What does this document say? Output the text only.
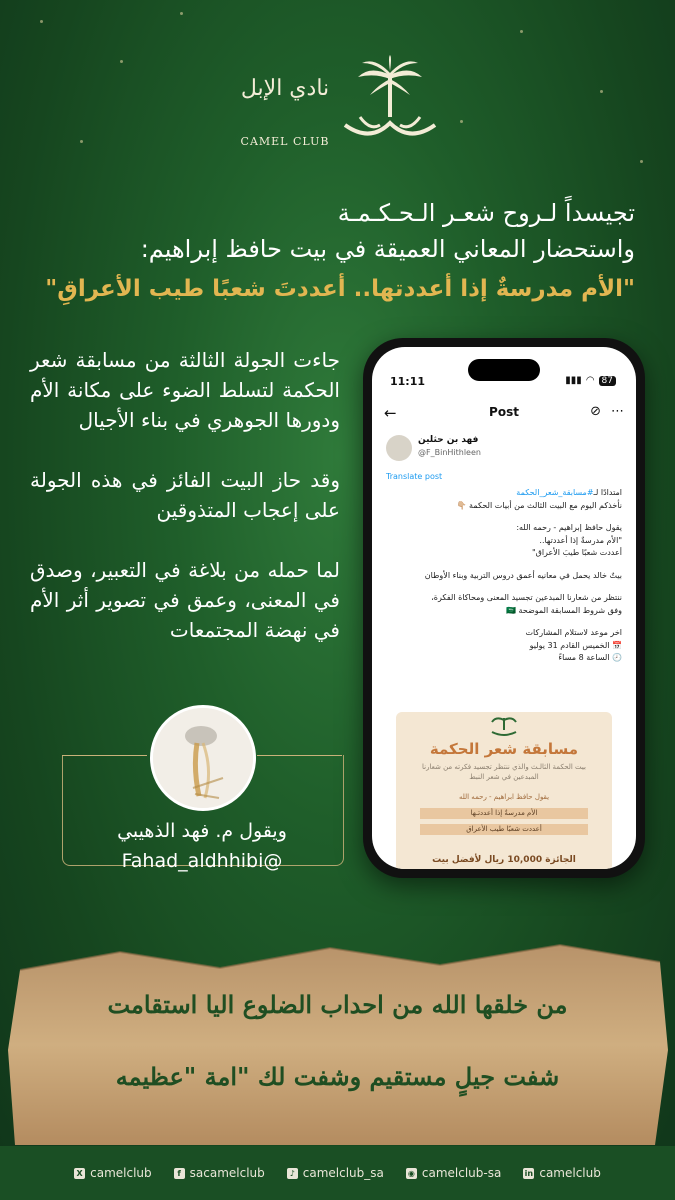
نادي الإبل
CAMEL CLUB
تجيسداً لـروح شعـر الـحـكـمـة
واستحضار المعاني العميقة في بيت حافظ إبراهيم:
"الأم مدرسةٌ إذا أعددتها.. أعددتَ شعبًا طيب الأعراقِ"

جاءت الجولة الثالثة من مسابقة شعر الحكمة لتسلط الضوء على مكانة الأم ودورها الجوهري في بناء الأجيال

وقد حاز البيت الفائز في هذه الجولة على إعجاب المتذوقين

لما حمله من بلاغة في التعبير، وصدق في المعنى، وعمق في تصوير أثر الأم في نهضة المجتمعات

ويقول م. فهد الذهيبي
Fahad_aldhhibi@
11:11	▮▮▮ ◠ 87
←	Post	⊘ ⋯
فهد بن حثلين
@F_BinHithleen
Translate post
امتدادًا لـ#مسابقة_شعر_الحكمة
نأخذكم اليوم مع البيت الثالث من أبيات الحكمة 👇🏼
يقول حافظ إبراهيم - رحمه الله:
"الأم مدرسةٌ إذا أعددتها..
أعددت شعبًا طيبَ الأعراق"
بيتٌ خالد يحمل في معانيه أعمق دروس التربية وبناء الأوطان
ننتظر من شعارنا المبدعين تجسيد المعنى ومحاكاة الفكرة،
وفق شروط المسابقة الموضحة 🇸🇦
اخر موعد لاستلام المشاركات
📅 الخميس القادم 31 يوليو
🕗 الساعة 8 مساءً
مسابقة شعر الحكمة
بيت الحكمة الثالـث والذي ننتظر تجسيد فكرته من شعارنا المبدعين في شعر النبط
يقول حافظ ابراهيم - رحمه الله
الأم مدرسةٌ إذا أعددتـها
أعددت شعبًا طيب الأعراق
الجائزة 10,000 ريال لأفضل بيت
من خلقها الله من احداب الضلوع اليا استقامت
شفت جيلٍ مستقيم وشفت لك "امة "عظيمه
X camelclub	f sacamelclub	♪ camelclub_sa	◉ camelclub-sa	in camelclub
